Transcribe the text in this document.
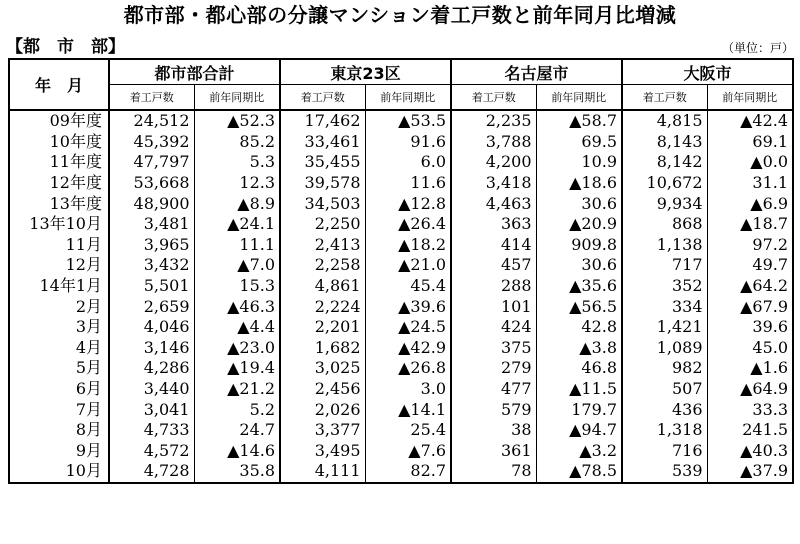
都市部・都心部の分譲マンション着工戸数と前年同月比増減
【都　市　部】	（単位：戸）
年　月	都市部合計		東京23区		名古屋市		大阪市	
	着工戸数	前年同期比	着工戸数	前年同期比	着工戸数	前年同期比	着工戸数	前年同期比
09年度	24,512	▲52.3	17,462	▲53.5	2,235	▲58.7	4,815	▲42.4
10年度	45,392	85.2	33,461	91.6	3,788	69.5	8,143	69.1
11年度	47,797	5.3	35,455	6.0	4,200	10.9	8,142	▲0.0
12年度	53,668	12.3	39,578	11.6	3,418	▲18.6	10,672	31.1
13年度	48,900	▲8.9	34,503	▲12.8	4,463	30.6	9,934	▲6.9
13年10月	3,481	▲24.1	2,250	▲26.4	363	▲20.9	868	▲18.7
11月	3,965	11.1	2,413	▲18.2	414	909.8	1,138	97.2
12月	3,432	▲7.0	2,258	▲21.0	457	30.6	717	49.7
14年1月	5,501	15.3	4,861	45.4	288	▲35.6	352	▲64.2
2月	2,659	▲46.3	2,224	▲39.6	101	▲56.5	334	▲67.9
3月	4,046	▲4.4	2,201	▲24.5	424	42.8	1,421	39.6
4月	3,146	▲23.0	1,682	▲42.9	375	▲3.8	1,089	45.0
5月	4,286	▲19.4	3,025	▲26.8	279	46.8	982	▲1.6
6月	3,440	▲21.2	2,456	3.0	477	▲11.5	507	▲64.9
7月	3,041	5.2	2,026	▲14.1	579	179.7	436	33.3
8月	4,733	24.7	3,377	25.4	38	▲94.7	1,318	241.5
9月	4,572	▲14.6	3,495	▲7.6	361	▲3.2	716	▲40.3
10月	4,728	35.8	4,111	82.7	78	▲78.5	539	▲37.9
